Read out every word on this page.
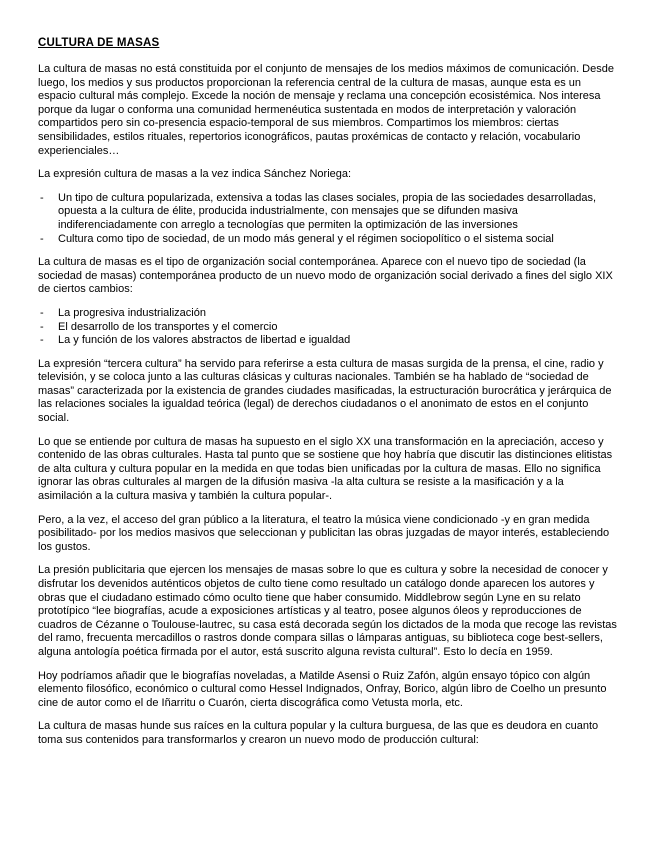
CULTURA DE MASAS

La cultura de masas no está constituida por el conjunto de mensajes de los medios máximos de comunicación. Desde luego, los medios y sus productos proporcionan la referencia central de la cultura de masas, aunque esta es un espacio cultural más complejo. Excede la noción de mensaje y reclama una concepción ecosistémica. Nos interesa porque da lugar o conforma una comunidad hermenéutica sustentada en modos de interpretación y valoración compartidos pero sin co-presencia espacio-temporal de sus miembros. Compartimos los miembros: ciertas sensibilidades, estilos rituales, repertorios iconográficos, pautas proxémicas de contacto y relación, vocabulario experienciales…

La expresión cultura de masas a la vez indica Sánchez Noriega:

- Un tipo de cultura popularizada, extensiva a todas las clases sociales, propia de las sociedades desarrolladas, opuesta a la cultura de élite, producida industrialmente, con mensajes que se difunden masiva indiferenciadamente con arreglo a tecnologías que permiten la optimización de las inversiones
- Cultura como tipo de sociedad, de un modo más general y el régimen sociopolítico o el sistema social

La cultura de masas es el tipo de organización social contemporánea. Aparece con el nuevo tipo de sociedad (la sociedad de masas) contemporánea producto de un nuevo modo de organización social derivado a fines del siglo XIX de ciertos cambios:

- La progresiva industrialización
- El desarrollo de los transportes y el comercio
- La y función de los valores abstractos de libertad e igualdad

La expresión “tercera cultura” ha servido para referirse a esta cultura de masas surgida de la prensa, el cine, radio y televisión, y se coloca junto a las culturas clásicas y culturas nacionales. También se ha hablado de “sociedad de masas” caracterizada por la existencia de grandes ciudades masificadas, la estructuración burocrática y jerárquica de las relaciones sociales la igualdad teórica (legal) de derechos ciudadanos o el anonimato de estos en el conjunto social.

Lo que se entiende por cultura de masas ha supuesto en el siglo XX una transformación en la apreciación, acceso y contenido de las obras culturales. Hasta tal punto que se sostiene que hoy habría que discutir las distinciones elitistas de alta cultura y cultura popular en la medida en que todas bien unificadas por la cultura de masas. Ello no significa ignorar las obras culturales al margen de la difusión masiva -la alta cultura se resiste a la masificación y a la asimilación a la cultura masiva y también la cultura popular-.

Pero, a la vez, el acceso del gran público a la literatura, el teatro la música viene condicionado -y en gran medida posibilitado- por los medios masivos que seleccionan y publicitan las obras juzgadas de mayor interés, estableciendo los gustos.

La presión publicitaria que ejercen los mensajes de masas sobre lo que es cultura y sobre la necesidad de conocer y disfrutar los devenidos auténticos objetos de culto tiene como resultado un catálogo donde aparecen los autores y obras que el ciudadano estimado cómo oculto tiene que haber consumido. Middlebrow según Lyne en su relato prototípico “lee biografías, acude a exposiciones artísticas y al teatro, posee algunos óleos y reproducciones de cuadros de Cézanne o Toulouse-lautrec, su casa está decorada según los dictados de la moda que recoge las revistas del ramo, frecuenta mercadillos o rastros donde compara sillas o lámparas antiguas, su biblioteca coge best-sellers, alguna antología poética firmada por el autor, está suscrito alguna revista cultural”. Esto lo decía en 1959.

Hoy podríamos añadir que le biografías noveladas, a Matilde Asensi o Ruiz Zafón, algún ensayo tópico con algún elemento filosófico, económico o cultural como Hessel Indignados, Onfray, Borico, algún libro de Coelho un presunto cine de autor como el de Iñarritu o Cuarón, cierta discográfica como Vetusta morla, etc.

La cultura de masas hunde sus raíces en la cultura popular y la cultura burguesa, de las que es deudora en cuanto toma sus contenidos para transformarlos y crearon un nuevo modo de producción cultural:
